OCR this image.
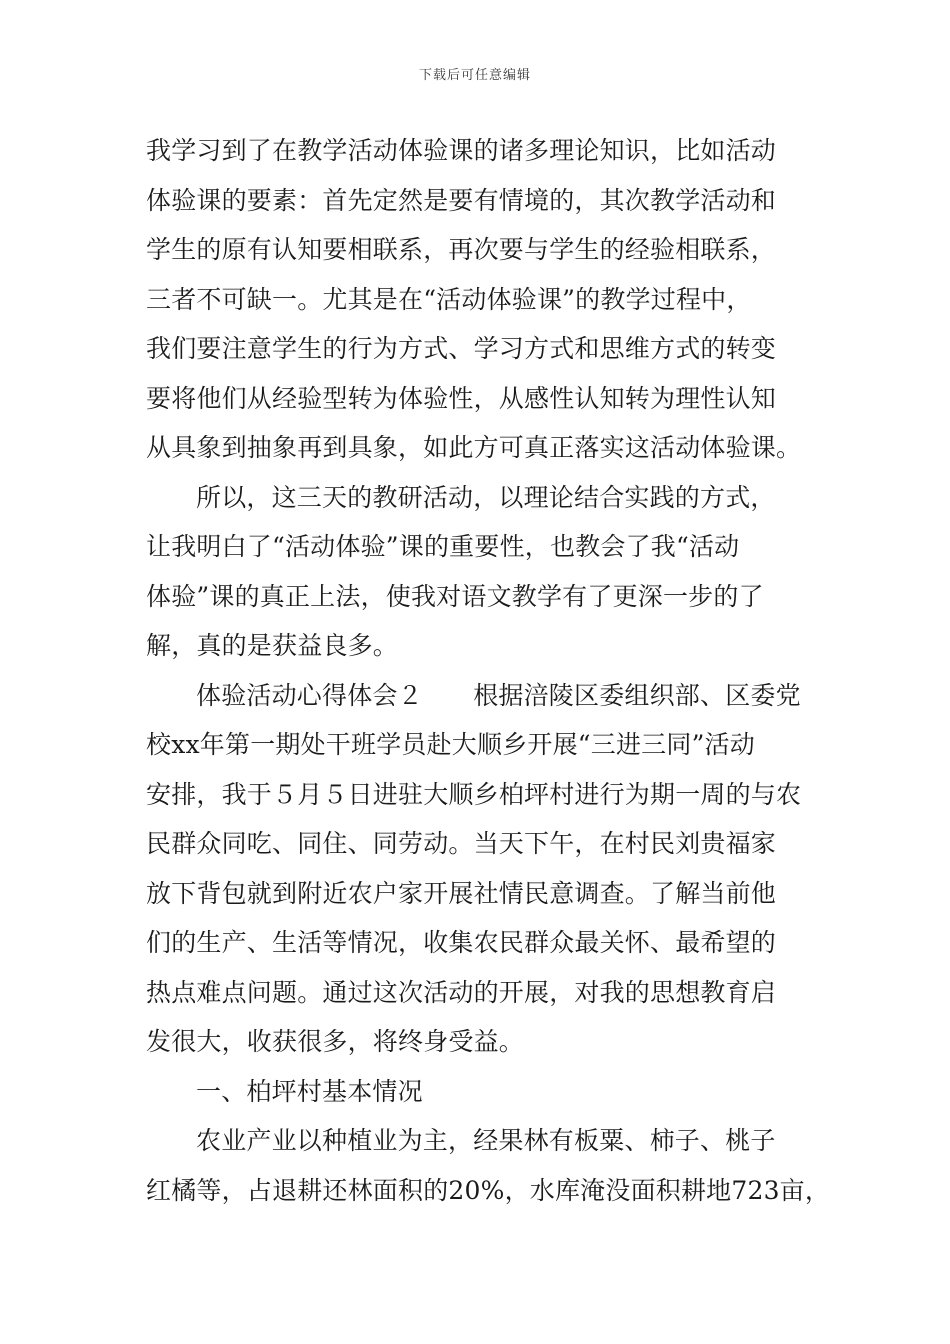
下载后可任意编辑
我学习到了在教学活动体验课的诸多理论知识，比如活动
体验课的要素：首先定然是要有情境的，其次教学活动和
学生的原有认知要相联系，再次要与学生的经验相联系，
三者不可缺一。尤其是在“活动体验课”的教学过程中，
我们要注意学生的行为方式、学习方式和思维方式的转变
要将他们从经验型转为体验性，从感性认知转为理性认知
从具象到抽象再到具象，如此方可真正落实这活动体验课。
所以，这三天的教研活动，以理论结合实践的方式，
让我明白了“活动体验”课的重要性，也教会了我“活动
体验”课的真正上法，使我对语文教学有了更深一步的了
解，真的是获益良多。
体验活动心得体会２　　根据涪陵区委组织部、区委党
校xx年第一期处干班学员赴大顺乡开展“三进三同”活动
安排，我于５月５日进驻大顺乡柏坪村进行为期一周的与农
民群众同吃、同住、同劳动。当天下午，在村民刘贵福家
放下背包就到附近农户家开展社情民意调查。了解当前他
们的生产、生活等情况，收集农民群众最关怀、最希望的
热点难点问题。通过这次活动的开展，对我的思想教育启
发很大，收获很多，将终身受益。
一、柏坪村基本情况
农业产业以种植业为主，经果林有板粟、柿子、桃子
红橘等，占退耕还林面积的20%，水库淹没面积耕地723亩，
